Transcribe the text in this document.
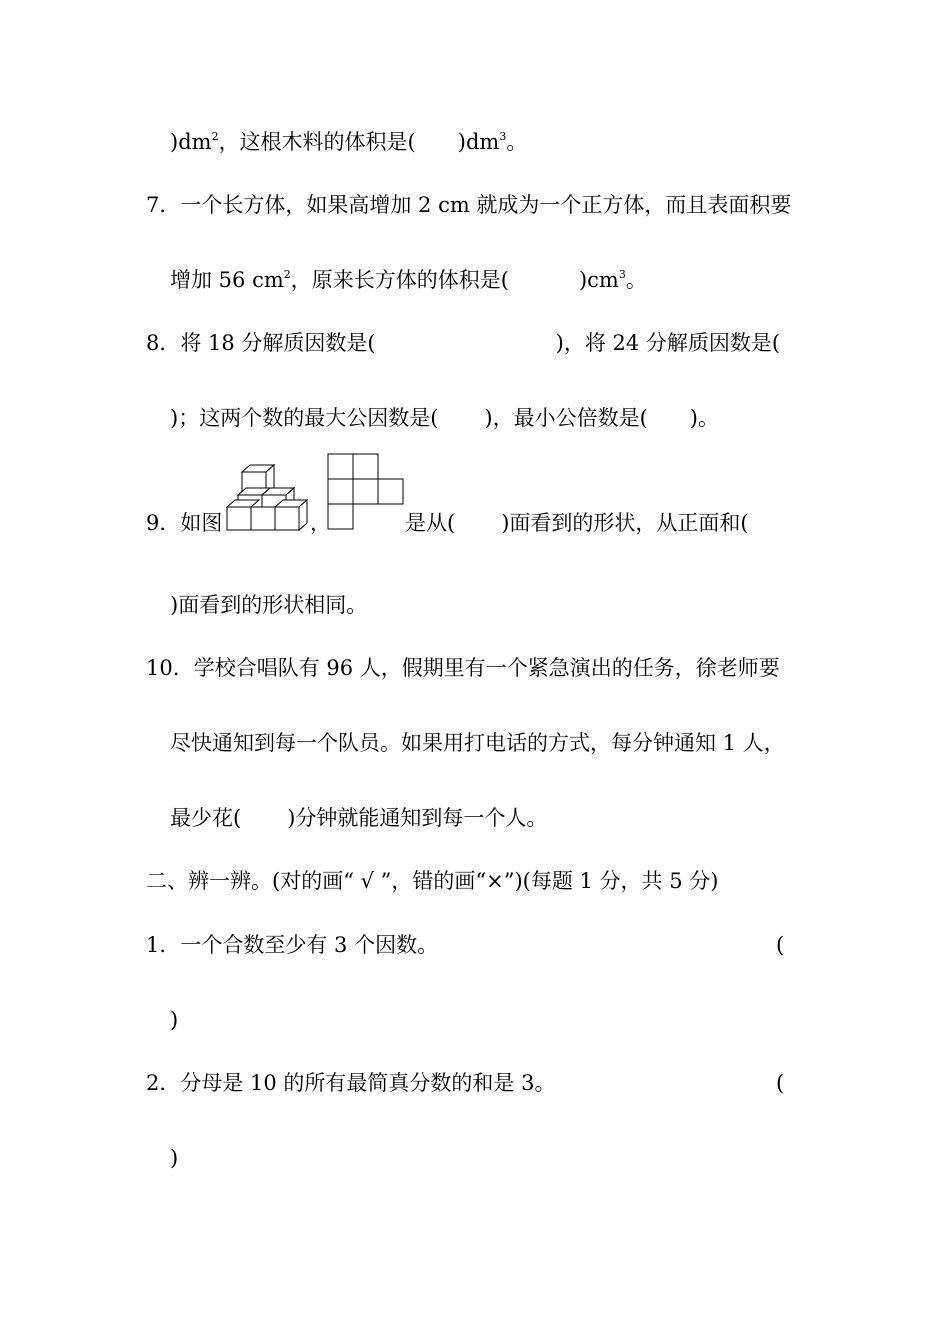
)$dm^2$，这根木料的体积是( )$dm^3$。
7．一个长方体，如果高增加 2 cm 就成为一个正方体，而且表面积要
增加 56 $cm^2$，原来长方体的体积是(	)$cm^3$。
8．将 18 分解质因数是(	)，将 24 分解质因数是(
)；这两个数的最大公因数是( )，最小公倍数是( )。
9．如图	，	是从( )面看到的形状，从正面和(
)面看到的形状相同。
10．学校合唱队有 96 人，假期里有一个紧急演出的任务，徐老师要
尽快通知到每一个队员。如果用打电话的方式，每分钟通知 1 人，
最少花( )分钟就能通知到每一个人。
二、辨一辨。(对的画“ √ ”，错的画“×”)(每题 1 分，共 5 分)
1．一个合数至少有 3 个因数。	(
)
2．分母是 10 的所有最简真分数的和是 3。	(
)
